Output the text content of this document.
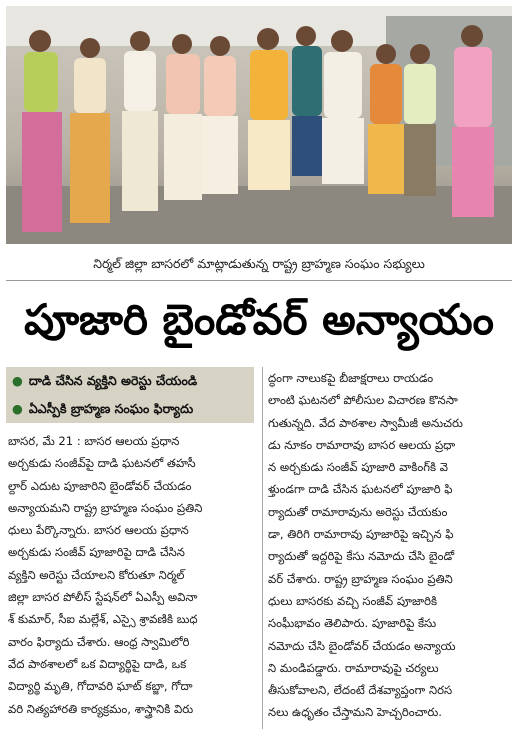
నిర్మల్ జిల్లా బాసరలో మాట్లాడుతున్న రాష్ట్ర బ్రాహ్మణ సంఘం సభ్యులు
పూజారి బైండోవర్ అన్యాయం
● దాడి చేసిన వ్యక్తిని అరెస్టు చేయండి
● ఏఎస్పీకి బ్రాహ్మణ సంఘం ఫిర్యాదు
బాసర, మే 21 : బాసర ఆలయ ప్రధాన
అర్చకుడు సంజీవ్‌పై దాడి ఘటనలో తహసీ
ల్దార్ ఎదుట పూజారిని బైండోవర్ చేయడం
అన్యాయమని రాష్ట్ర బ్రాహ్మణ సంఘం ప్రతిని
ధులు పేర్కొన్నారు. బాసర ఆలయ ప్రధాన
అర్చకుడు సంజీవ్ పూజారిపై దాడి చేసిన
వ్యక్తిని అరెస్టు చేయాలని కోరుతూ నిర్మల్
జిల్లా బాసర పోలీస్ స్టేషన్‌లో ఏఎస్పీ అవినా
శ్ కుమార్, సీఐ మల్లేశ్, ఎస్సై శ్రావణికి బుధ
వారం ఫిర్యాదు చేశారు. ఆంధ్ర స్వామిలోరి
వేద పాఠశాలలో ఒక విద్యార్థిపై దాడి, ఒక
విద్యార్థి మృతి, గోదావరి ఘాట్ కబ్జా, గోదా
వరి నిత్యహారతి కార్యక్రమం, శాస్త్రానికి విరు
ద్ధంగా నాలుకపై బీజాక్షరాలు రాయడం
లాంటి ఘటనలో పోలీసుల విచారణ కొనసా
గుతున్నది. వేద పాఠశాల స్వామీజీ అనుచరు
డు నూకం రామారావు బాసర ఆలయ ప్రధా
న అర్చకుడు సంజీవ్ పూజారి వాకింగ్‌కి వె
ళ్తుండగా దాడి చేసిన ఘటనలో పూజారి ఫి
ర్యాదుతో రామారావును అరెస్టు చేయకుం
డా, తిరిగి రామారావు పూజారిపై ఇచ్చిన ఫి
ర్యాదుతో ఇద్దరిపై కేసు నమోదు చేసి బైండో
వర్ చేశారు. రాష్ట్ర బ్రాహ్మణ సంఘం ప్రతిని
ధులు బాసరకు వచ్చి సంజీవ్ పూజారికి
సంఘీభావం తెలిపారు. పూజారిపై కేసు
నమోదు చేసి బైండోవర్ చేయడం అన్యాయ
ని మండిపడ్డారు. రామారావుపై చర్యలు
తీసుకోవాలని, లేదంటే దేశవ్యాప్తంగా నిరస
నలు ఉధృతం చేస్తామని హెచ్చరించారు.
